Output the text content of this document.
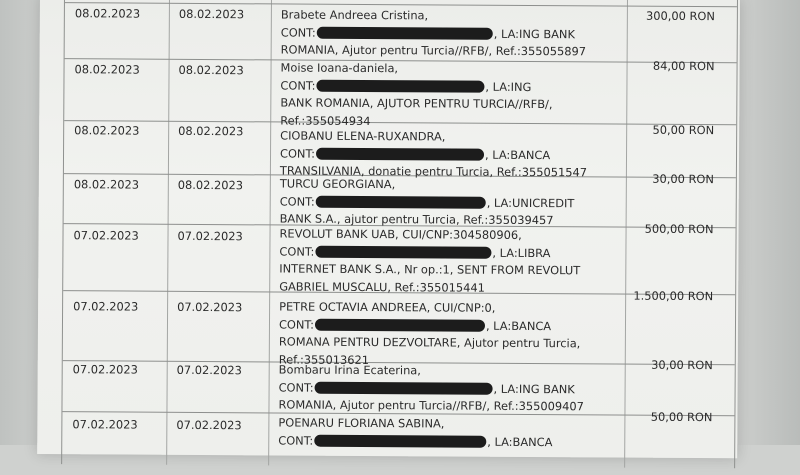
08.02.2023	08.02.2023	Brabete Andreea Cristina,
CONT:	, LA:ING BANK
ROMANIA, Ajutor pentru Turcia//RFB/, Ref.:355055897
300,00 RON
08.02.2023	08.02.2023	Moise Ioana-daniela,
CONT:	, LA:ING
BANK ROMANIA, AJUTOR PENTRU TURCIA//RFB/,
Ref.:355054934
84,00 RON
08.02.2023	08.02.2023	CIOBANU ELENA-RUXANDRA,
CONT:	, LA:BANCA
TRANSILVANIA, donatie pentru Turcia, Ref.:355051547
50,00 RON
08.02.2023	08.02.2023	TURCU GEORGIANA,
CONT:	, LA:UNICREDIT
BANK S.A., ajutor pentru Turcia, Ref.:355039457
30,00 RON
07.02.2023	07.02.2023	REVOLUT BANK UAB, CUI/CNP:304580906,
CONT:	, LA:LIBRA
INTERNET BANK S.A., Nr op.:1, SENT FROM REVOLUT
GABRIEL MUSCALU, Ref.:355015441
500,00 RON
07.02.2023	07.02.2023	PETRE OCTAVIA ANDREEA, CUI/CNP:0,
CONT:	, LA:BANCA
ROMANA PENTRU DEZVOLTARE, Ajutor pentru Turcia,
Ref.:355013621
1.500,00 RON
07.02.2023	07.02.2023	Bombaru Irina Ecaterina,
CONT:	, LA:ING BANK
ROMANIA, Ajutor pentru Turcia//RFB/, Ref.:355009407
30,00 RON
07.02.2023	07.02.2023	POENARU FLORIANA SABINA,
CONT:	, LA:BANCA
50,00 RON
